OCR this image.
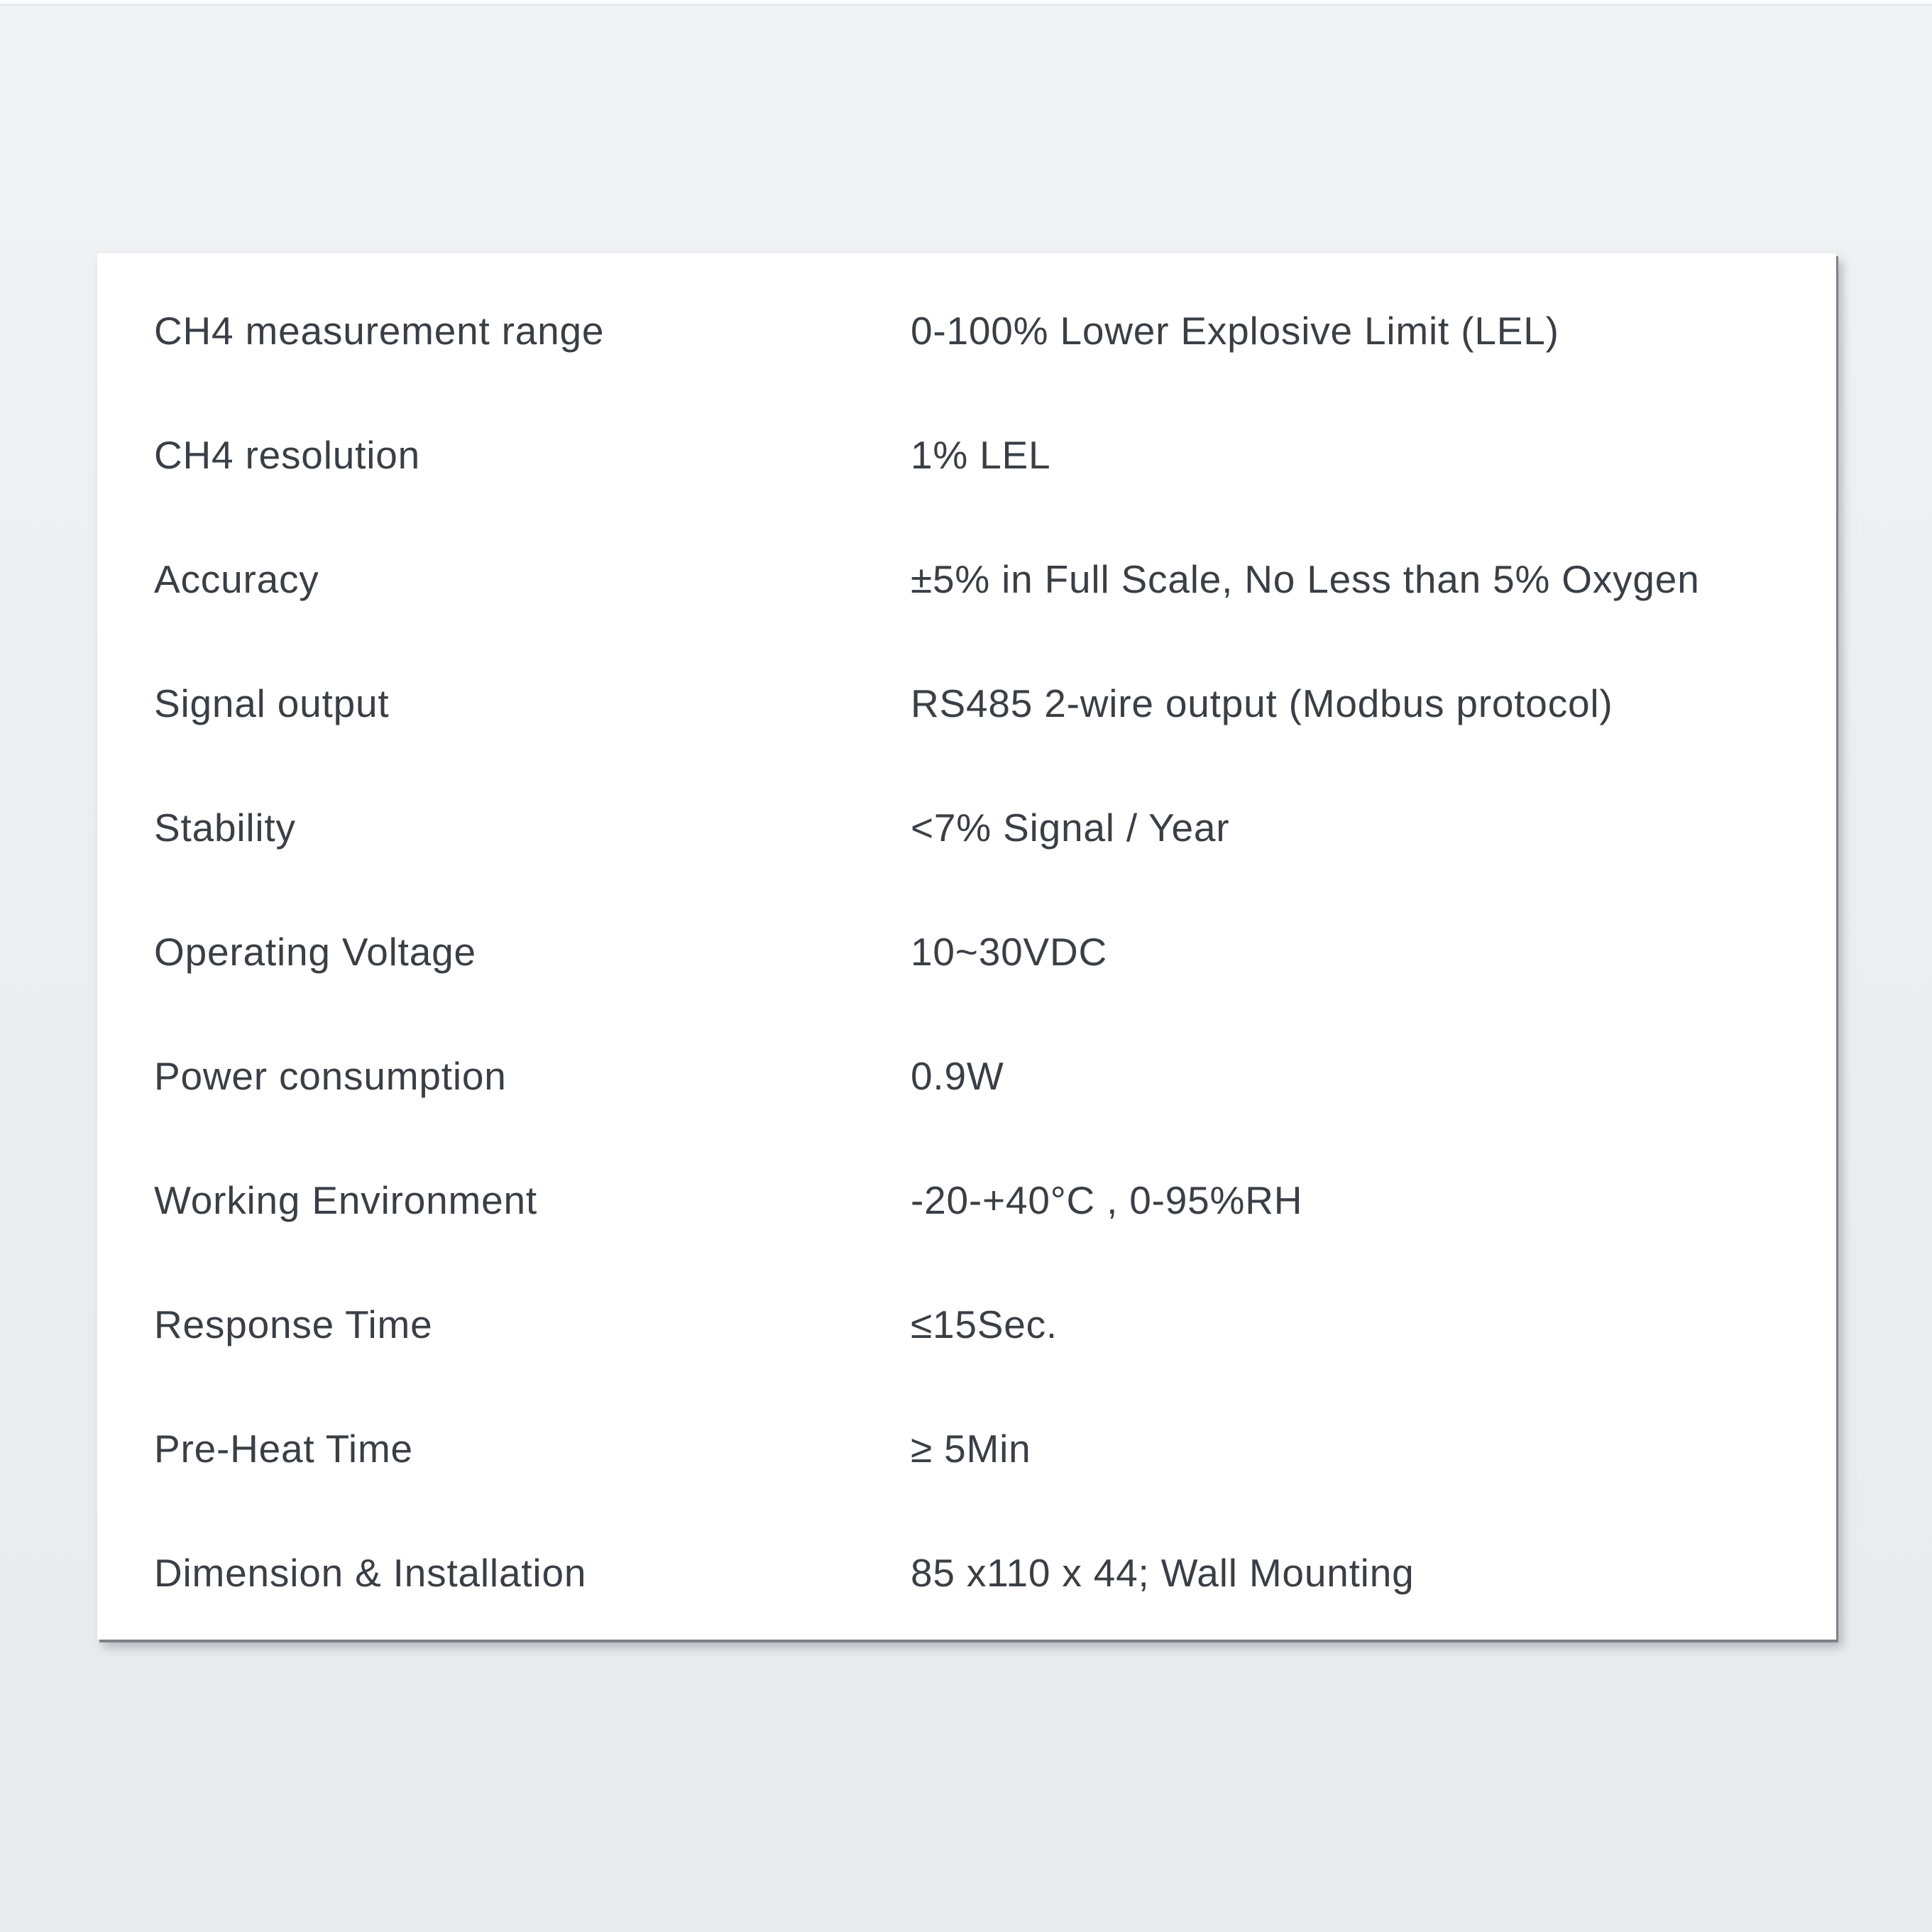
CH4 measurement range	0-100% Lower Explosive Limit (LEL)
CH4 resolution	1% LEL
Accuracy	±5% in Full Scale, No Less than 5% Oxygen
Signal output	RS485 2-wire output (Modbus protocol)
Stability	<7% Signal / Year
Operating Voltage	10~30VDC
Power consumption	0.9W
Working Environment	-20-+40°C , 0-95%RH
Response Time	≤15Sec.
Pre-Heat Time	≥ 5Min
Dimension & Installation	85 x110 x 44; Wall Mounting
